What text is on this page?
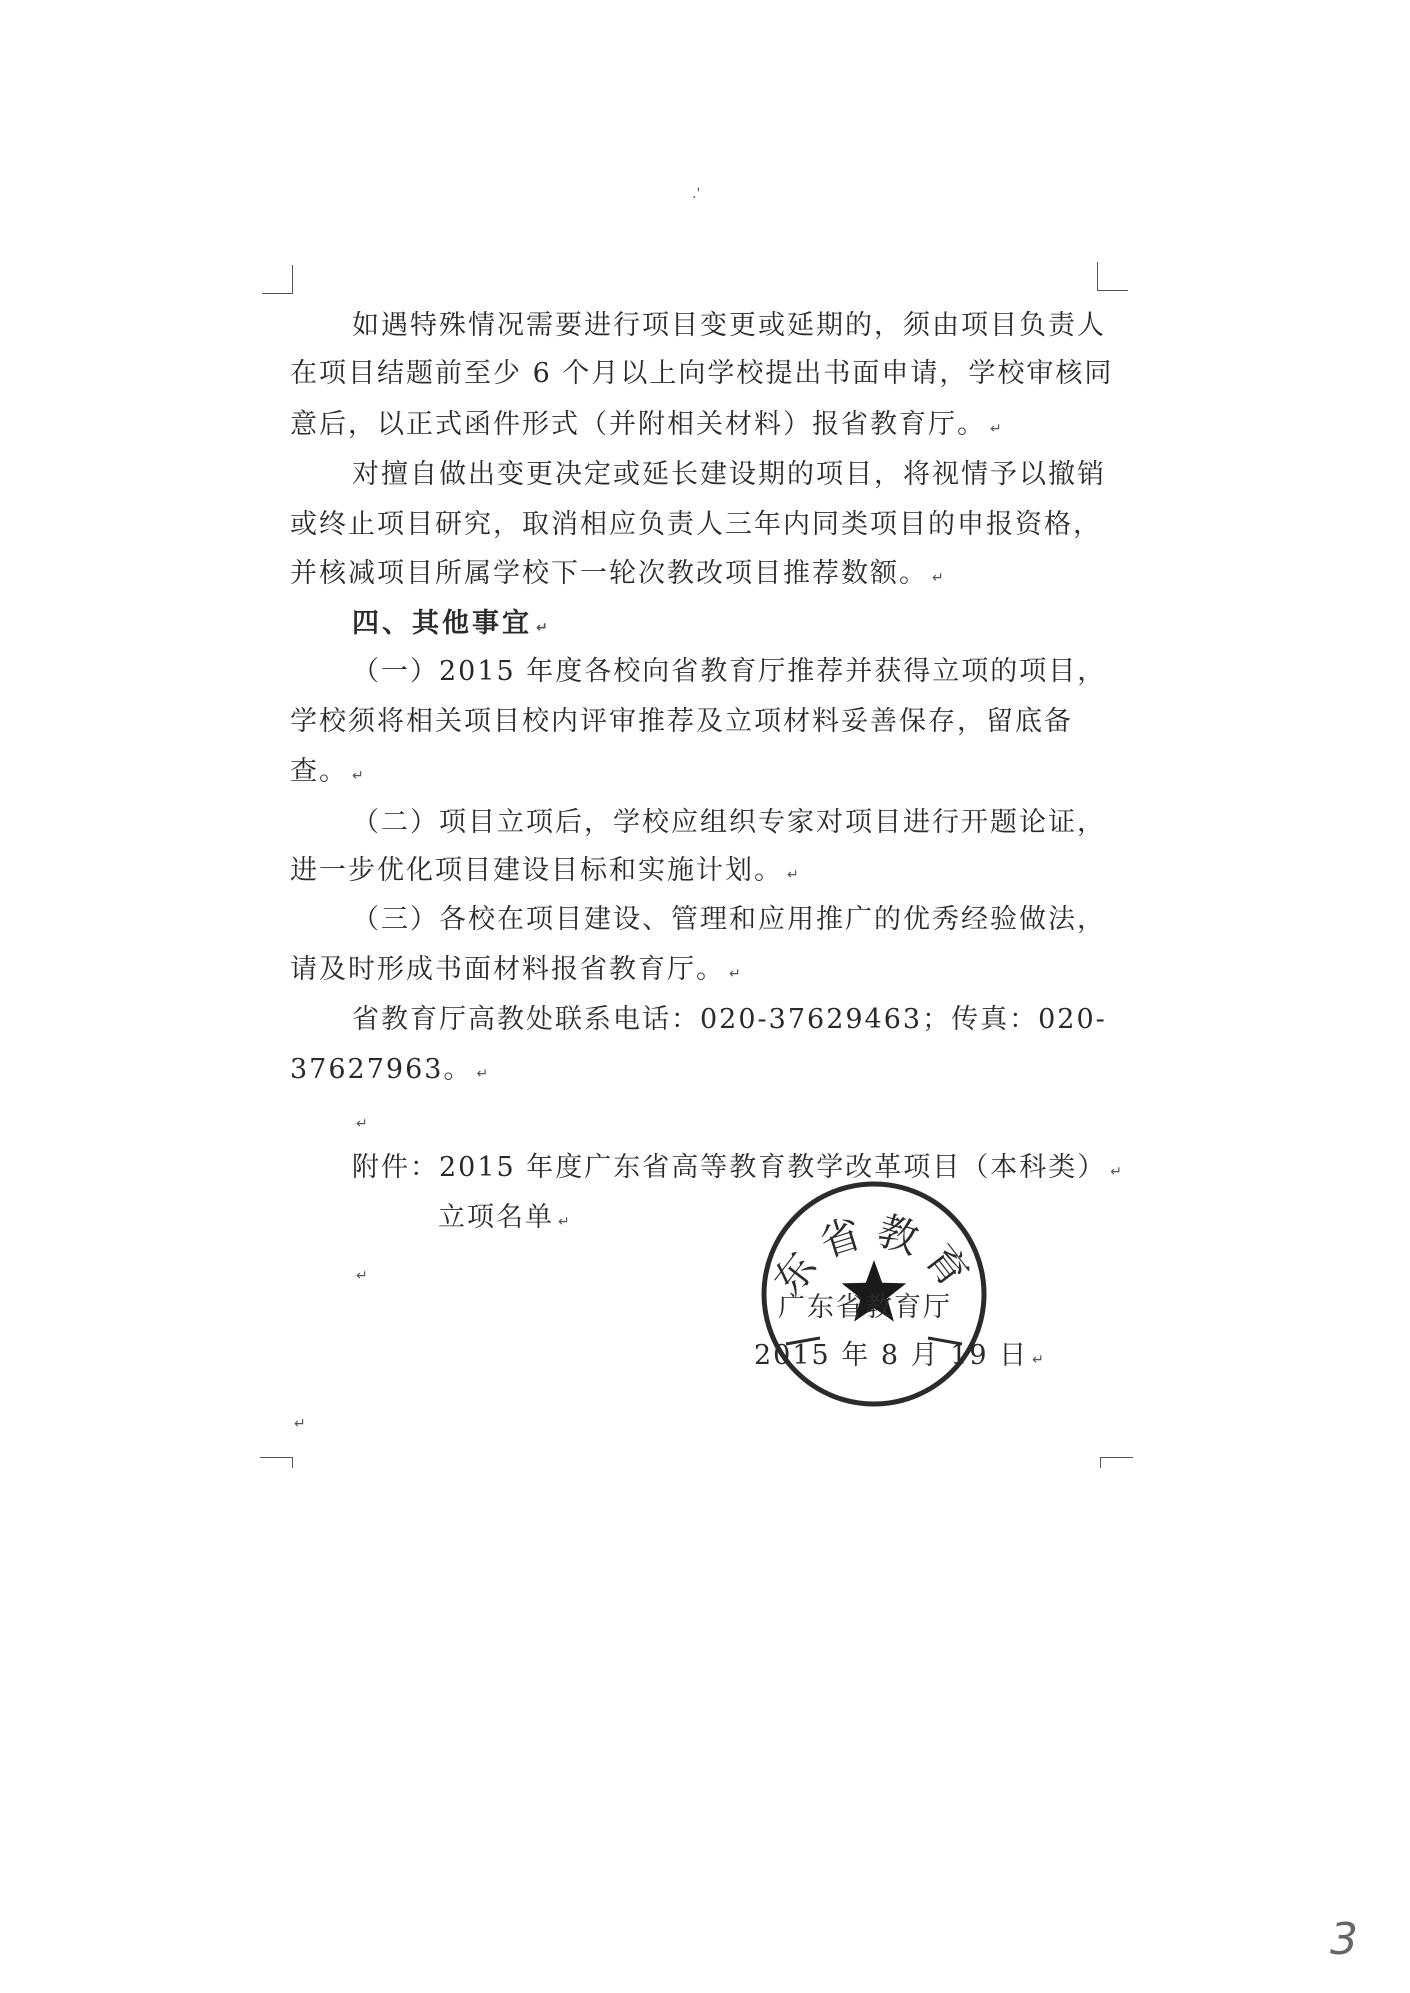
.'
如遇特殊情况需要进行项目变更或延期的，须由项目负责人
在项目结题前至少 6 个月以上向学校提出书面申请，学校审核同
意后，以正式函件形式（并附相关材料）报省教育厅。 ↵
对擅自做出变更决定或延长建设期的项目，将视情予以撤销
或终止项目研究，取消相应负责人三年内同类项目的申报资格，
并核减项目所属学校下一轮次教改项目推荐数额。 ↵
四、其他事宜 ↵
（一）2015 年度各校向省教育厅推荐并获得立项的项目，
学校须将相关项目校内评审推荐及立项材料妥善保存，留底备
查。 ↵
（二）项目立项后，学校应组织专家对项目进行开题论证，
进一步优化项目建设目标和实施计划。 ↵
（三）各校在项目建设、管理和应用推广的优秀经验做法，
请及时形成书面材料报省教育厅。 ↵
省教育厅高教处联系电话：020-37629463；传真：020-
37627963。 ↵
↵
附件：2015 年度广东省高等教育教学改革项目（本科类） ↵
立项名单 ↵
↵	东省教育
广东省教育厅
2015 年 8 月 19 日 ↵
↵
3
